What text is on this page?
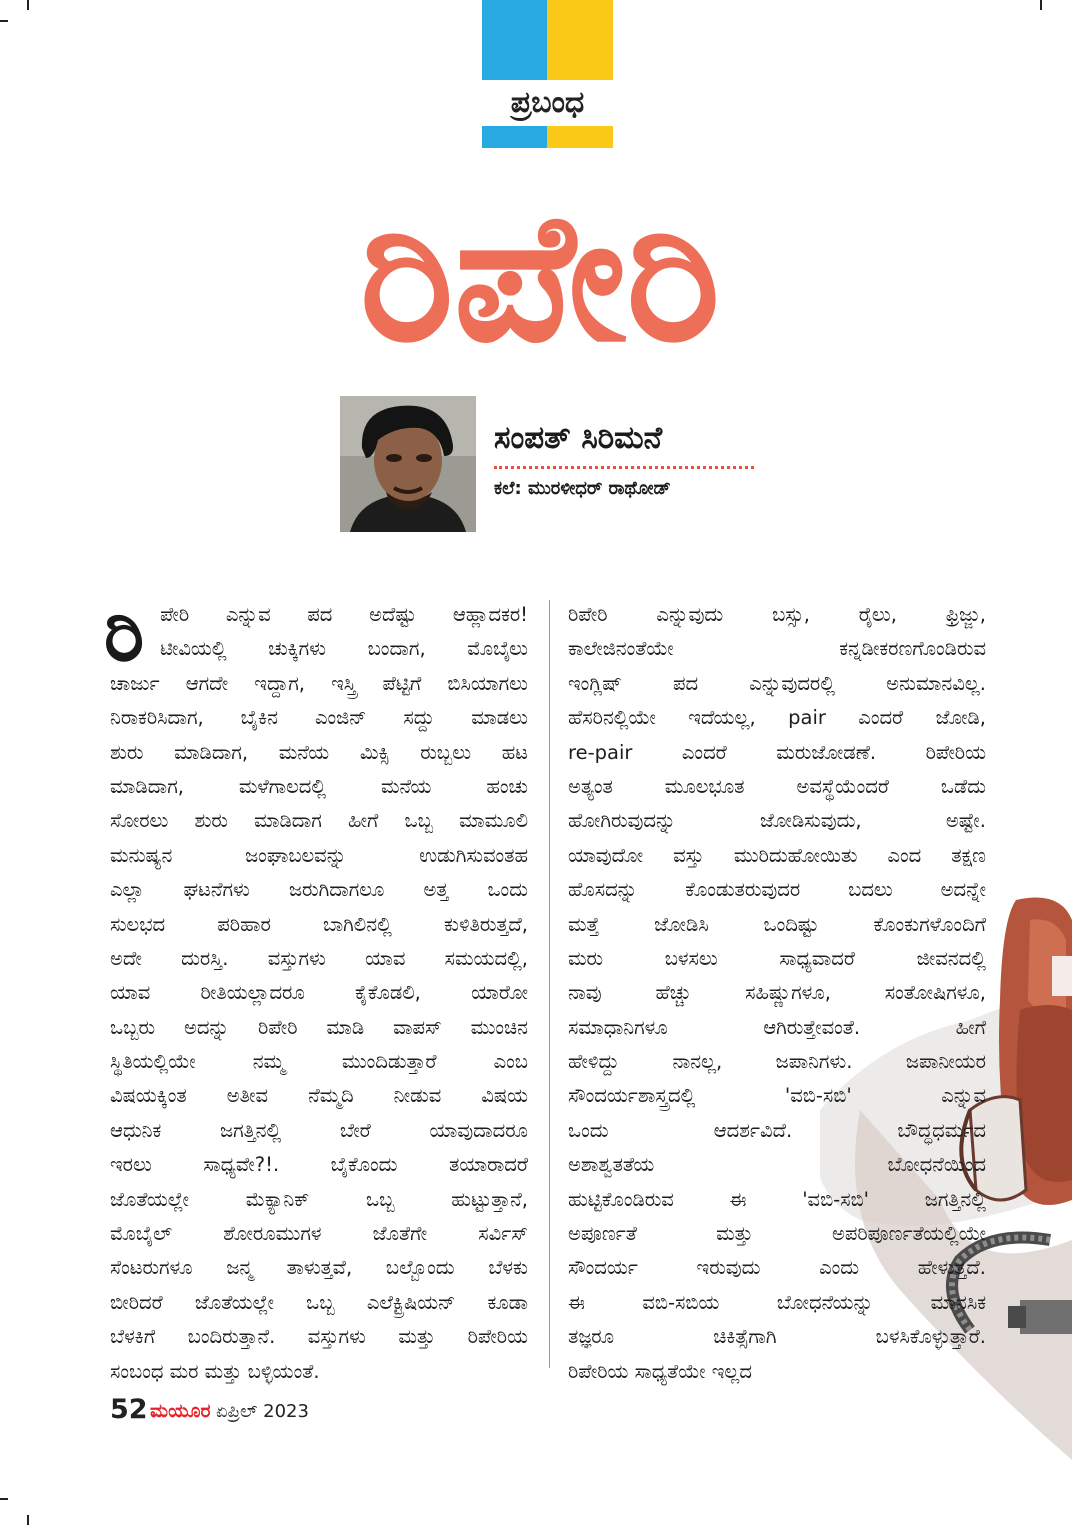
ಪ್ರಬಂಧ
ರಿಪೇರಿ
ಸಂಪತ್ ಸಿರಿಮನೆ
ಕಲೆ: ಮುರಳೀಧರ್ ರಾಥೋಡ್
ರಿ ಪೇರಿ ಎನ್ನುವ ಪದ ಅದೆಷ್ಟು ಆಹ್ಲಾದಕರ!
ಟೀವಿಯಲ್ಲಿ ಚುಕ್ಕಿಗಳು ಬಂದಾಗ, ಮೊಬೈಲು
ಚಾರ್ಜು ಆಗದೇ ಇದ್ದಾಗ, ಇಸ್ತ್ರಿ ಪೆಟ್ಟಿಗೆ ಬಿಸಿಯಾಗಲು
ನಿರಾಕರಿಸಿದಾಗ, ಬೈಕಿನ ಎಂಜಿನ್ ಸದ್ದು ಮಾಡಲು
ಶುರು ಮಾಡಿದಾಗ, ಮನೆಯ ಮಿಕ್ಸಿ ರುಬ್ಬಲು ಹಟ
ಮಾಡಿದಾಗ, ಮಳೆಗಾಲದಲ್ಲಿ ಮನೆಯ ಹಂಚು
ಸೋರಲು ಶುರು ಮಾಡಿದಾಗ ಹೀಗೆ ಒಬ್ಬ ಮಾಮೂಲಿ
ಮನುಷ್ಯನ ಜಂಘಾಬಲವನ್ನು ಉಡುಗಿಸುವಂತಹ
ಎಲ್ಲಾ ಘಟನೆಗಳು ಜರುಗಿದಾಗಲೂ ಅತ್ತ ಒಂದು
ಸುಲಭದ ಪರಿಹಾರ ಬಾಗಿಲಿನಲ್ಲಿ ಕುಳಿತಿರುತ್ತದೆ,
ಅದೇ ದುರಸ್ತಿ. ವಸ್ತುಗಳು ಯಾವ ಸಮಯದಲ್ಲಿ,
ಯಾವ ರೀತಿಯಲ್ಲಾದರೂ ಕೈಕೊಡಲಿ, ಯಾರೋ
ಒಬ್ಬರು ಅದನ್ನು ರಿಪೇರಿ ಮಾಡಿ ವಾಪಸ್ ಮುಂಚಿನ
ಸ್ಥಿತಿಯಲ್ಲಿಯೇ ನಮ್ಮ ಮುಂದಿಡುತ್ತಾರೆ ಎಂಬ
ವಿಷಯಕ್ಕಿಂತ ಅತೀವ ನೆಮ್ಮದಿ ನೀಡುವ ವಿಷಯ
ಆಧುನಿಕ ಜಗತ್ತಿನಲ್ಲಿ ಬೇರೆ ಯಾವುದಾದರೂ
ಇರಲು ಸಾಧ್ಯವೇ?!. ಬೈಕೊಂದು ತಯಾರಾದರೆ
ಜೊತೆಯಲ್ಲೇ ಮೆಕ್ಯಾನಿಕ್ ಒಬ್ಬ ಹುಟ್ಟುತ್ತಾನೆ,
ಮೊಬೈಲ್ ಶೋರೂಮುಗಳ ಜೊತೆಗೇ ಸರ್ವಿಸ್
ಸೆಂಟರುಗಳೂ ಜನ್ಮ ತಾಳುತ್ತವೆ, ಬಲ್ಬೊಂದು ಬೆಳಕು
ಬೀರಿದರೆ ಜೊತೆಯಲ್ಲೇ ಒಬ್ಬ ಎಲೆಕ್ಟ್ರಿಷಿಯನ್ ಕೂಡಾ
ಬೆಳಕಿಗೆ ಬಂದಿರುತ್ತಾನೆ. ವಸ್ತುಗಳು ಮತ್ತು ರಿಪೇರಿಯ
ಸಂಬಂಧ ಮರ ಮತ್ತು ಬಳ್ಳಿಯಂತೆ.
ರಿಪೇರಿ ಎನ್ನುವುದು ಬಸ್ಸು, ರೈಲು, ಫ್ರಿಜ್ಜು,
ಕಾಲೇಜಿನಂತೆಯೇ ಕನ್ನಡೀಕರಣಗೊಂಡಿರುವ
ಇಂಗ್ಲಿಷ್ ಪದ ಎನ್ನುವುದರಲ್ಲಿ ಅನುಮಾನವಿಲ್ಲ.
ಹೆಸರಿನಲ್ಲಿಯೇ ಇದೆಯಲ್ಲ, pair ಎಂದರೆ ಜೋಡಿ,
re-pair ಎಂದರೆ ಮರುಜೋಡಣೆ. ರಿಪೇರಿಯ
ಅತ್ಯಂತ ಮೂಲಭೂತ ಅವಸ್ಥೆಯೆಂದರೆ ಒಡೆದು
ಹೋಗಿರುವುದನ್ನು ಜೋಡಿಸುವುದು, ಅಷ್ಟೇ.
ಯಾವುದೋ ವಸ್ತು ಮುರಿದುಹೋಯಿತು ಎಂದ ತಕ್ಷಣ
ಹೊಸದನ್ನು ಕೊಂಡುತರುವುದರ ಬದಲು ಅದನ್ನೇ
ಮತ್ತೆ ಜೋಡಿಸಿ ಒಂದಿಷ್ಟು ಕೊಂಕುಗಳೊಂದಿಗೆ
ಮರು ಬಳಸಲು ಸಾಧ್ಯವಾದರೆ ಜೀವನದಲ್ಲಿ
ನಾವು ಹೆಚ್ಚು ಸಹಿಷ್ಣುಗಳೂ, ಸಂತೋಷಿಗಳೂ,
ಸಮಾಧಾನಿಗಳೂ ಆಗಿರುತ್ತೇವಂತೆ. ಹೀಗೆ
ಹೇಳಿದ್ದು ನಾನಲ್ಲ, ಜಪಾನಿಗಳು. ಜಪಾನೀಯರ
ಸೌಂದರ್ಯಶಾಸ್ತ್ರದಲ್ಲಿ 'ವಬಿ-ಸಬಿ' ಎನ್ನುವ
ಒಂದು ಆದರ್ಶವಿದೆ. ಬೌದ್ಧಧರ್ಮದ
ಅಶಾಶ್ವತತೆಯ ಬೋಧನೆಯಿಂದ
ಹುಟ್ಟಿಕೊಂಡಿರುವ ಈ 'ವಬಿ-ಸಬಿ' ಜಗತ್ತಿನಲ್ಲಿ
ಅಪೂರ್ಣತೆ ಮತ್ತು ಅಪರಿಪೂರ್ಣತೆಯಲ್ಲಿಯೇ
ಸೌಂದರ್ಯ ಇರುವುದು ಎಂದು ಹೇಳುತ್ತದೆ.
ಈ ವಬಿ-ಸಬಿಯ ಬೋಧನೆಯನ್ನು ಮಾನಸಿಕ
ತಜ್ಞರೂ ಚಿಕಿತ್ಸೆಗಾಗಿ ಬಳಸಿಕೊಳ್ಳುತ್ತಾರೆ.
ರಿಪೇರಿಯ ಸಾಧ್ಯತೆಯೇ ಇಲ್ಲದ
52 ಮಯೂರ ಏಪ್ರಿಲ್ 2023
